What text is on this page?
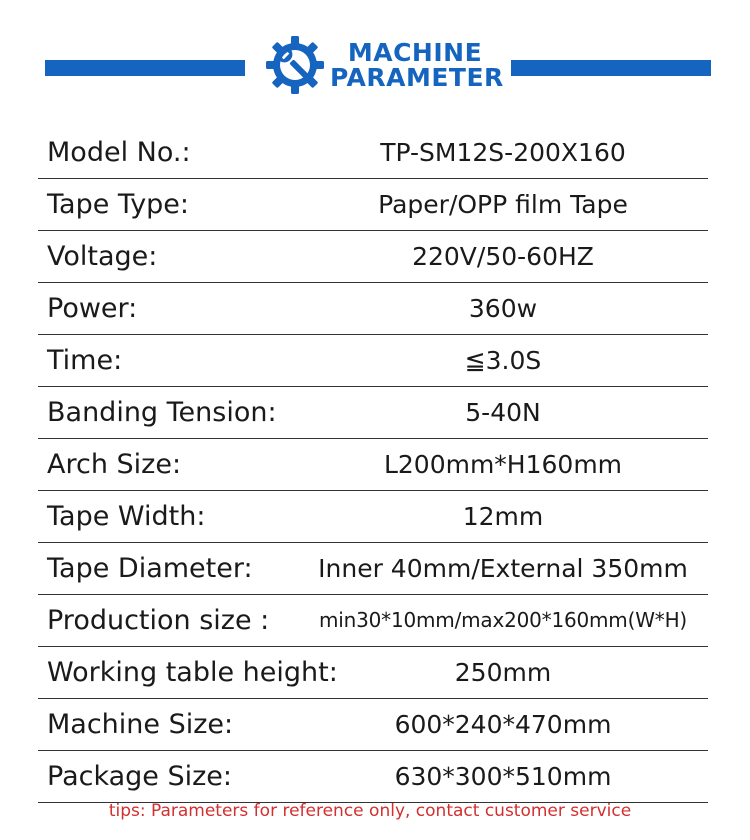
MACHINE
PARAMETER
Model No.:	TP-SM12S-200X160
Tape Type:	Paper/OPP film Tape
Voltage:	220V/50-60HZ
Power:	360w
Time:	≦3.0S
Banding Tension:	5-40N
Arch Size:	L200mm*H160mm
Tape Width:	12mm
Tape Diameter:	Inner 40mm/External 350mm
Production size :	min30*10mm/max200*160mm(W*H)
Working table height:	250mm
Machine Size:	600*240*470mm
Package Size:	630*300*510mm
tips: Parameters for reference only, contact customer service
